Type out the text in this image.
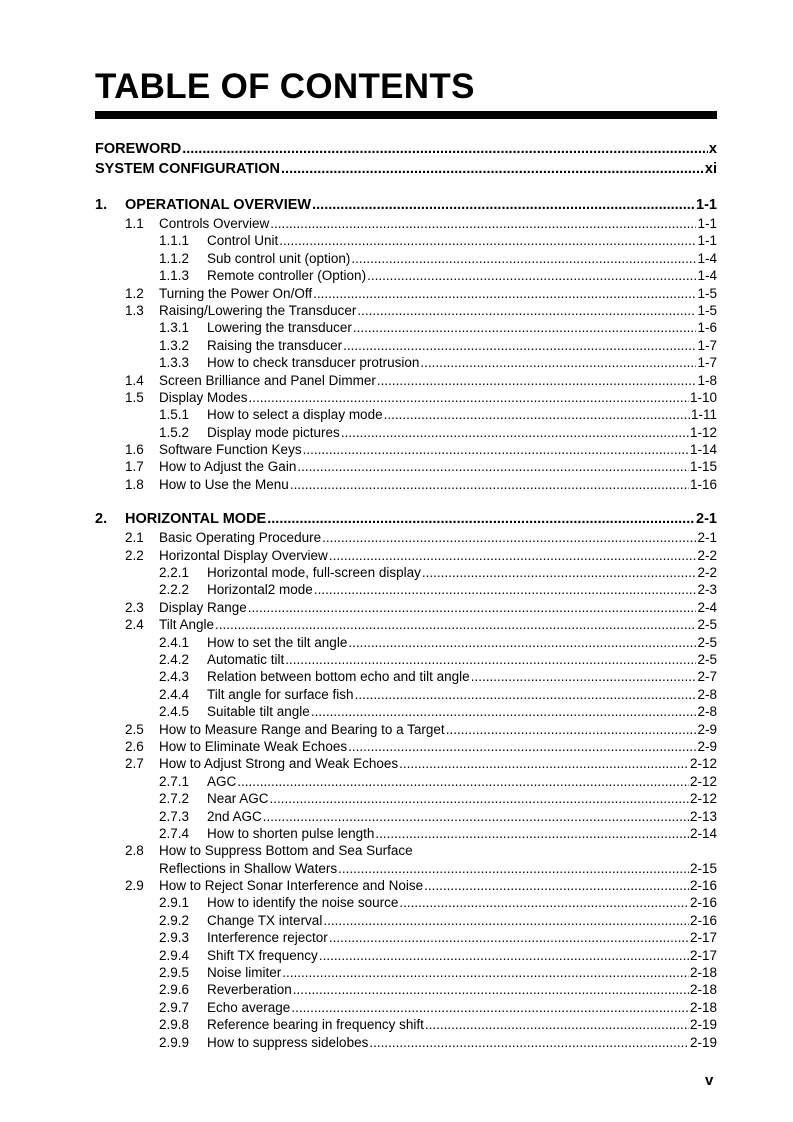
TABLE OF CONTENTS
FOREWORD .....	x
SYSTEM CONFIGURATION .....	xi
1.	OPERATIONAL OVERVIEW .....	1-1
1.1	Controls Overview .....	1-1
1.1.1	Control Unit .....	1-1
1.1.2	Sub control unit (option) .....	1-4
1.1.3	Remote controller (Option) .....	1-4
1.2	Turning the Power On/Off .....	1-5
1.3	Raising/Lowering the Transducer .....	1-5
1.3.1	Lowering the transducer .....	1-6
1.3.2	Raising the transducer .....	1-7
1.3.3	How to check transducer protrusion .....	1-7
1.4	Screen Brilliance and Panel Dimmer .....	1-8
1.5	Display Modes .....	1-10
1.5.1	How to select a display mode .....	1-11
1.5.2	Display mode pictures .....	1-12
1.6	Software Function Keys .....	1-14
1.7	How to Adjust the Gain .....	1-15
1.8	How to Use the Menu .....	1-16
2.	HORIZONTAL MODE .....	2-1
2.1	Basic Operating Procedure .....	2-1
2.2	Horizontal Display Overview .....	2-2
2.2.1	Horizontal mode, full-screen display .....	2-2
2.2.2	Horizontal2 mode .....	2-3
2.3	Display Range .....	2-4
2.4	Tilt Angle .....	2-5
2.4.1	How to set the tilt angle .....	2-5
2.4.2	Automatic tilt .....	2-5
2.4.3	Relation between bottom echo and tilt angle .....	2-7
2.4.4	Tilt angle for surface fish .....	2-8
2.4.5	Suitable tilt angle .....	2-8
2.5	How to Measure Range and Bearing to a Target .....	2-9
2.6	How to Eliminate Weak Echoes .....	2-9
2.7	How to Adjust Strong and Weak Echoes .....	2-12
2.7.1	AGC .....	2-12
2.7.2	Near AGC .....	2-12
2.7.3	2nd AGC .....	2-13
2.7.4	How to shorten pulse length .....	2-14
2.8	How to Suppress Bottom and Sea Surface
Reflections in Shallow Waters .....	2-15
2.9	How to Reject Sonar Interference and Noise .....	2-16
2.9.1	How to identify the noise source .....	2-16
2.9.2	Change TX interval .....	2-16
2.9.3	Interference rejector .....	2-17
2.9.4	Shift TX frequency .....	2-17
2.9.5	Noise limiter .....	2-18
2.9.6	Reverberation .....	2-18
2.9.7	Echo average .....	2-18
2.9.8	Reference bearing in frequency shift .....	2-19
2.9.9	How to suppress sidelobes .....	2-19
v
